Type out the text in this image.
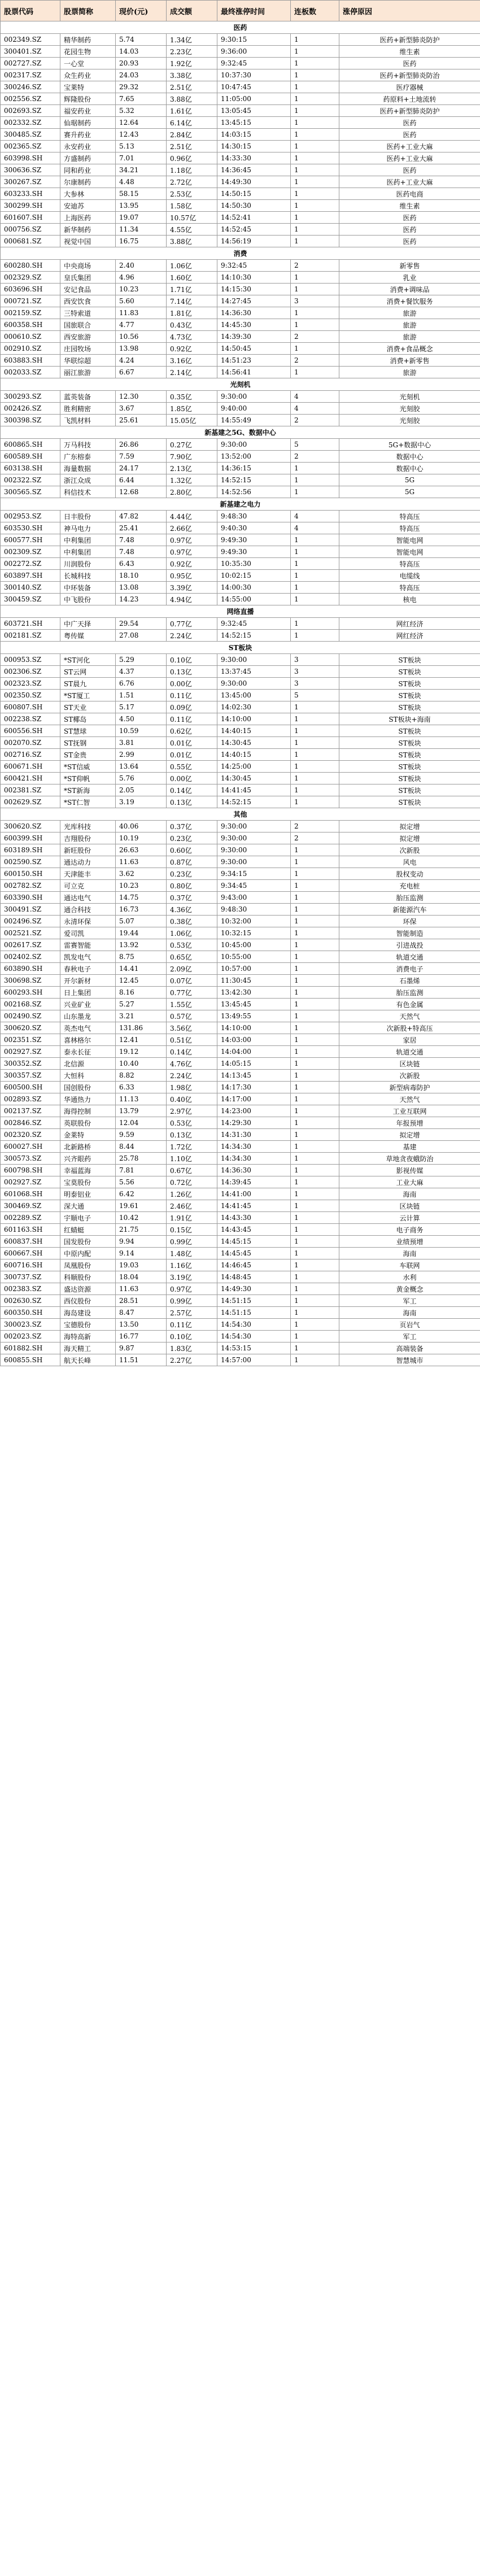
股票代码	股票简称	现价(元)	成交额	最终涨停时间	连板数	涨停原因
医药						
002349.SZ	精华制药	5.74	1.34亿	9:30:15	1	医药+新型肺炎防护
300401.SZ	花园生物	14.03	2.23亿	9:36:00	1	维生素
002727.SZ	一心堂	20.93	1.92亿	9:32:45	1	医药
002317.SZ	众生药业	24.03	3.38亿	10:37:30	1	医药+新型肺炎防治
300246.SZ	宝莱特	29.32	2.51亿	10:47:45	1	医疗器械
002556.SZ	辉隆股份	7.65	3.88亿	11:05:00	1	药原料+土地流转
002693.SZ	福安药业	5.32	1.61亿	13:05:45	1	医药+新型肺炎防护
002332.SZ	仙琚制药	12.64	6.14亿	13:45:15	1	医药
300485.SZ	赛升药业	12.43	2.84亿	14:03:15	1	医药
002365.SZ	永安药业	5.13	2.51亿	14:30:15	1	医药+工业大麻
603998.SH	方盛制药	7.01	0.96亿	14:33:30	1	医药+工业大麻
300636.SZ	同和药业	34.21	1.18亿	14:36:45	1	医药
300267.SZ	尔康制药	4.48	2.72亿	14:49:30	1	医药+工业大麻
603233.SH	大参林	58.15	2.53亿	14:50:15	1	医药电商
300299.SH	安迪苏	13.95	1.58亿	14:50:30	1	维生素
601607.SH	上海医药	19.07	10.57亿	14:52:41	1	医药
000756.SZ	新华制药	11.34	4.55亿	14:52:45	1	医药
000681.SZ	视觉中国	16.75	3.88亿	14:56:19	1	医药
消费						
600280.SH	中央商场	2.40	1.06亿	9:32:45	2	新零售
002329.SZ	皇氏集团	4.96	1.60亿	14:10:30	1	乳业
603696.SH	安记食品	10.23	1.71亿	14:15:30	1	消费+调味品
000721.SZ	西安饮食	5.60	7.14亿	14:27:45	3	消费+餐饮服务
002159.SZ	三特索道	11.83	1.81亿	14:36:30	1	旅游
600358.SH	国旅联合	4.77	0.43亿	14:45:30	1	旅游
000610.SZ	西安旅游	10.56	4.73亿	14:39:30	2	旅游
002910.SZ	庄园牧场	13.98	0.92亿	14:50:45	1	消费+食品概念
603883.SH	华联综超	4.24	3.16亿	14:51:23	2	消费+新零售
002033.SZ	丽江旅游	6.67	2.14亿	14:56:41	1	旅游
光刻机						
300293.SZ	蓝英装备	12.30	0.35亿	9:30:00	4	光刻机
002426.SZ	胜利精密	3.67	1.85亿	9:40:00	4	光刻胶
300398.SZ	飞凯材料	25.61	15.05亿	14:55:49	2	光刻胶
新基建之5G、数据中心						
600865.SH	万马科技	26.86	0.27亿	9:30:00	5	5G+数据中心
600589.SH	广东榕泰	7.59	7.90亿	13:52:00	2	数据中心
603138.SH	海量数据	24.17	2.13亿	14:36:15	1	数据中心
002322.SZ	浙江众成	6.44	1.32亿	14:52:15	1	5G
300565.SZ	科信技术	12.68	2.80亿	14:52:56	1	5G
新基建之电力						
002953.SZ	日丰股份	47.82	4.44亿	9:48:30	4	特高压
603530.SH	神马电力	25.41	2.66亿	9:40:30	4	特高压
600577.SH	中利集团	7.48	0.97亿	9:49:30	1	智能电网
002309.SZ	中利集团	7.48	0.97亿	9:49:30	1	智能电网
002272.SZ	川润股份	6.43	0.92亿	10:35:30	1	特高压
603897.SH	长城科技	18.10	0.95亿	10:02:15	1	电缆线
300140.SZ	中环装备	13.08	3.39亿	14:00:30	1	特高压
300459.SZ	中飞股份	14.23	4.94亿	14:55:00	1	核电
网络直播						
603721.SH	中广天择	29.54	0.77亿	9:32:45	1	网红经济
002181.SZ	粤传媒	27.08	2.24亿	14:52:15	1	网红经济
ST板块						
000953.SZ	*ST河化	5.29	0.10亿	9:30:00	3	ST板块
002306.SZ	ST云网	4.37	0.13亿	13:37:45	3	ST板块
002323.SZ	ST晨九	6.76	0.00亿	9:30:00	3	ST板块
002350.SZ	*ST厦工	1.51	0.11亿	13:45:00	5	ST板块
600807.SH	ST天业	5.17	0.09亿	14:02:30	1	ST板块
002238.SZ	ST椰岛	4.50	0.11亿	14:10:00	1	ST板块+海南
600556.SH	ST慧球	10.59	0.62亿	14:40:15	1	ST板块
002070.SZ	ST抚钢	3.81	0.01亿	14:30:45	1	ST板块
002716.SZ	ST金贵	2.99	0.01亿	14:40:15	1	ST板块
600671.SH	*ST信威	13.64	0.55亿	14:25:00	1	ST板块
600421.SH	*ST仰帆	5.76	0.00亿	14:30:45	1	ST板块
002381.SZ	*ST新海	2.05	0.14亿	14:41:45	1	ST板块
002629.SZ	*ST仁智	3.19	0.13亿	14:52:15	1	ST板块
其他						
300620.SZ	光库科技	40.06	0.37亿	9:30:00	2	拟定增
600399.SH	吉翔股份	10.19	0.23亿	9:30:00	2	拟定增
603189.SH	新旺股份	26.63	0.60亿	9:30:00	1	次新股
002590.SZ	通达动力	11.63	0.87亿	9:30:00	1	风电
600150.SH	天津能丰	3.62	0.23亿	9:34:15	1	股权变动
002782.SZ	可立克	10.23	0.80亿	9:34:45	1	充电桩
603390.SH	通达电气	14.75	0.37亿	9:43:00	1	胎压监测
300491.SZ	通合科技	16.73	4.36亿	9:48:30	1	新能源汽车
002496.SZ	永清环保	5.07	0.38亿	10:32:00	1	环保
002521.SZ	爱司凯	19.44	1.06亿	10:32:15	1	智能制造
002617.SZ	雷赛智能	13.92	0.53亿	10:45:00	1	引进战投
002402.SZ	凯发电气	8.75	0.65亿	10:55:00	1	轨道交通
603890.SH	春秋电子	14.41	2.09亿	10:57:00	1	消费电子
300698.SZ	开尔新材	12.45	0.07亿	11:30:45	1	石墨烯
600293.SH	日上集团	8.16	0.77亿	13:42:30	1	胎压监测
002168.SZ	兴业矿业	5.27	1.55亿	13:45:45	1	有色金属
002490.SZ	山东墨龙	3.21	0.57亿	13:49:55	1	天然气
300620.SZ	英杰电气	131.86	3.56亿	14:10:00	1	次新股+特高压
002351.SZ	喜林格尔	12.41	0.51亿	14:03:00	1	家居
002927.SZ	泰永长征	19.12	0.14亿	14:04:00	1	轨道交通
300352.SZ	北信源	10.40	4.76亿	14:05:15	1	区块链
300357.SZ	大恒科	8.82	2.24亿	14:13:45	1	次新股
600500.SH	国创股份	6.33	1.98亿	14:17:30	1	新型病毒防护
002893.SZ	华通热力	11.13	0.40亿	14:17:00	1	天然气
002137.SZ	海得控制	13.79	2.97亿	14:23:00	1	工业互联网
002846.SZ	英联股份	12.04	0.53亿	14:29:30	1	年报预增
002320.SZ	金莱特	9.59	0.13亿	14:31:30	1	拟定增
600027.SH	北新路桥	8.44	1.72亿	14:34:30	1	基建
300573.SZ	兴齐眼药	25.78	1.10亿	14:34:30	1	草地贪夜蛾防治
600798.SH	幸福蓝海	7.81	0.67亿	14:36:30	1	影视传媒
002927.SZ	宝莫股份	5.56	0.72亿	14:39:45	1	工业大麻
601068.SH	明泰铝业	6.42	1.26亿	14:41:00	1	海南
300469.SZ	深大通	19.61	2.46亿	14:41:45	1	区块链
002289.SZ	宇顺电子	10.42	1.91亿	14:43:30	1	云计算
601163.SH	红蜻蜓	21.75	0.15亿	14:43:45	1	电子商务
600837.SH	国发股份	9.94	0.99亿	14:45:15	1	业绩预增
600667.SH	中原内配	9.14	1.48亿	14:45:45	1	海南
600716.SH	凤凰股份	19.03	1.16亿	14:46:45	1	车联网
300737.SZ	科顺股份	18.04	3.19亿	14:48:45	1	水利
002383.SZ	盛达资源	11.63	0.97亿	14:49:30	1	黄金概念
002630.SZ	西仪股份	28.51	0.99亿	14:51:15	1	军工
600350.SH	海岛建设	8.47	2.57亿	14:51:15	1	海南
300023.SZ	宝德股份	13.50	0.11亿	14:54:30	1	页岩气
002023.SZ	海特高新	16.77	0.10亿	14:54:30	1	军工
601882.SH	海天精工	9.87	1.83亿	14:53:15	1	高端装备
600855.SH	航天长峰	11.51	2.27亿	14:57:00	1	智慧城市
